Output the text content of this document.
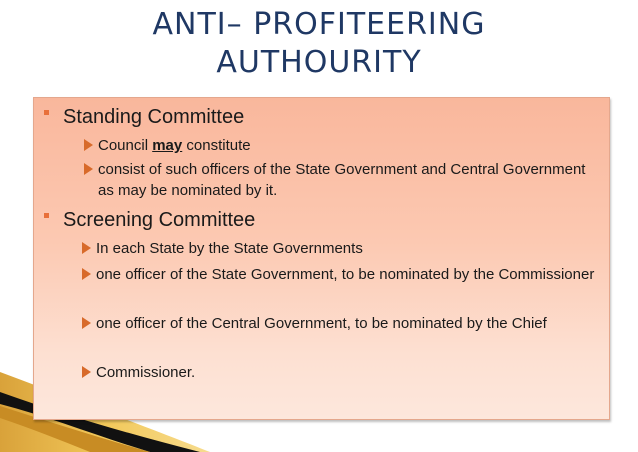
ANTI– PROFITEERING
AUTHOURITY
Standing Committee
Council may constitute
consist of such officers of the State Government and Central Government as may be nominated by it.
Screening Committee
In each State by the State Governments
one officer of the State Government, to be nominated by the Commissioner
one officer of the Central Government, to be nominated by the Chief
Commissioner.
